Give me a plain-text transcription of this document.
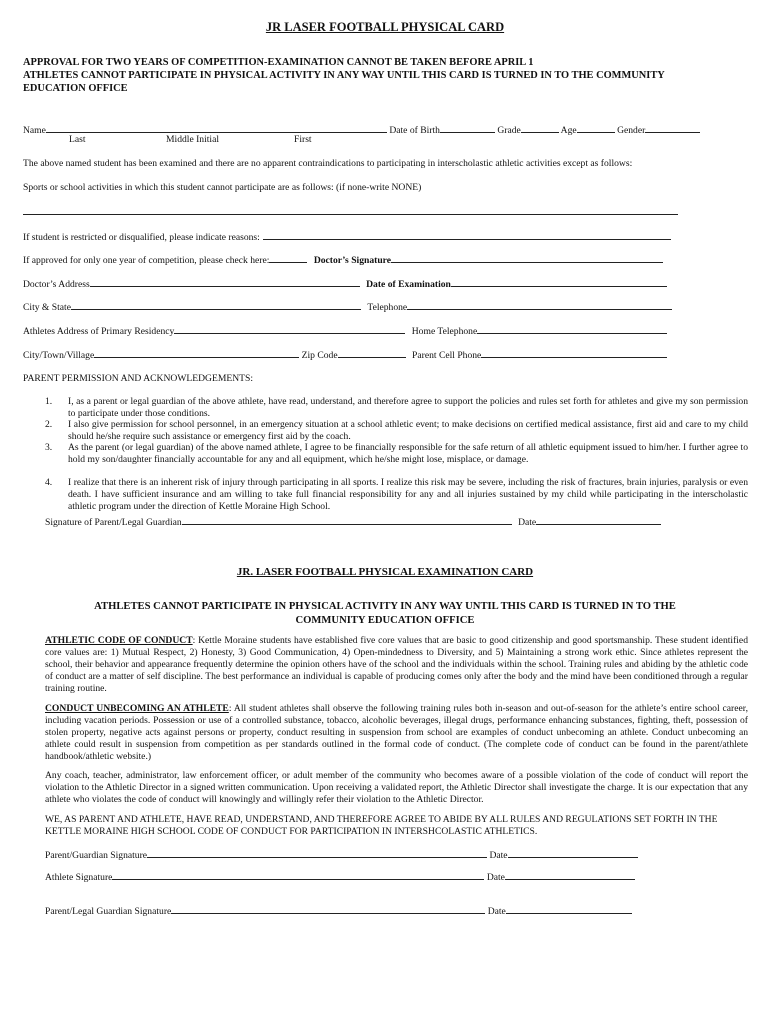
JR LASER FOOTBALL PHYSICAL CARD
APPROVAL FOR TWO YEARS OF COMPETITION-EXAMINATION CANNOT BE TAKEN BEFORE APRIL 1
ATHLETES CANNOT PARTICIPATE IN PHYSICAL ACTIVITY IN ANY WAY UNTIL THIS CARD IS TURNED IN TO THE COMMUNITY
EDUCATION OFFICE
Name	Date of Birth	Grade	Age	Gender
Last	Middle Initial	First
The above named student has been examined and there are no apparent contraindications to participating in interscholastic athletic activities except as follows:
Sports or school activities in which this student cannot participate are as follows: (if none-write NONE)
If student is restricted or disqualified, please indicate reasons:
If approved for only one year of competition, please check here:	Doctor’s Signature
Doctor’s Address	Date of Examination
City & State	Telephone
Athletes Address of Primary Residency	Home Telephone
City/Town/Village	Zip Code	Parent Cell Phone
PARENT PERMISSION AND ACKNOWLEDGEMENTS:
1. I, as a parent or legal guardian of the above athlete, have read, understand, and therefore agree to support the policies and rules set forth for athletes and give my son permission to participate under those conditions.
2. I also give permission for school personnel, in an emergency situation at a school athletic event; to make decisions on certified medical assistance, first aid and care to my child should he/she require such assistance or emergency first aid by the coach.
3. As the parent (or legal guardian) of the above named athlete, I agree to be financially responsible for the safe return of all athletic equipment issued to him/her. I further agree to hold my son/daughter financially accountable for any and all equipment, which he/she might lose, misplace, or damage.
4. I realize that there is an inherent risk of injury through participating in all sports. I realize this risk may be severe, including the risk of fractures, brain injuries, paralysis or even death. I have sufficient insurance and am willing to take full financial responsibility for any and all injuries sustained by my child while participating in the interscholastic athletic program under the direction of Kettle Moraine High School.
Signature of Parent/Legal Guardian	Date
JR. LASER FOOTBALL PHYSICAL EXAMINATION CARD
ATHLETES CANNOT PARTICIPATE IN PHYSICAL ACTIVITY IN ANY WAY UNTIL THIS CARD IS TURNED IN TO THE
COMMUNITY EDUCATION OFFICE
ATHLETIC CODE OF CONDUCT: Kettle Moraine students have established five core values that are basic to good citizenship and good sportsmanship. These student identified core values are: 1) Mutual Respect, 2) Honesty, 3) Good Communication, 4) Open-mindedness to Diversity, and 5) Maintaining a strong work ethic. Since athletes represent the school, their behavior and appearance frequently determine the opinion others have of the school and the individuals within the school. Training rules and abiding by the athletic code of conduct are a matter of self discipline. The best performance an individual is capable of producing comes only after the body and the mind have been conditioned through a regular training routine.
CONDUCT UNBECOMING AN ATHLETE: All student athletes shall observe the following training rules both in-season and out-of-season for the athlete’s entire school career, including vacation periods. Possession or use of a controlled substance, tobacco, alcoholic beverages, illegal drugs, performance enhancing substances, fighting, theft, possession of stolen property, negative acts against persons or property, conduct resulting in suspension from school are examples of conduct unbecoming an athlete. Conduct unbecoming an athlete could result in suspension from competition as per standards outlined in the formal code of conduct. (The complete code of conduct can be found in the parent/athlete handbook/athletic website.)
Any coach, teacher, administrator, law enforcement officer, or adult member of the community who becomes aware of a possible violation of the code of conduct will report the violation to the Athletic Director in a signed written communication. Upon receiving a validated report, the Athletic Director shall investigate the charge. It is our expectation that any athlete who violates the code of conduct will knowingly and willingly refer their violation to the Athletic Director.
WE, AS PARENT AND ATHLETE, HAVE READ, UNDERSTAND, AND THEREFORE AGREE TO ABIDE BY ALL RULES AND REGULATIONS SET FORTH IN THE
KETTLE MORAINE HIGH SCHOOL CODE OF CONDUCT FOR PARTICIPATION IN INTERSHCOLASTIC ATHLETICS.
Parent/Guardian Signature	Date
Athlete Signature	Date
Parent/Legal Guardian Signature	Date
